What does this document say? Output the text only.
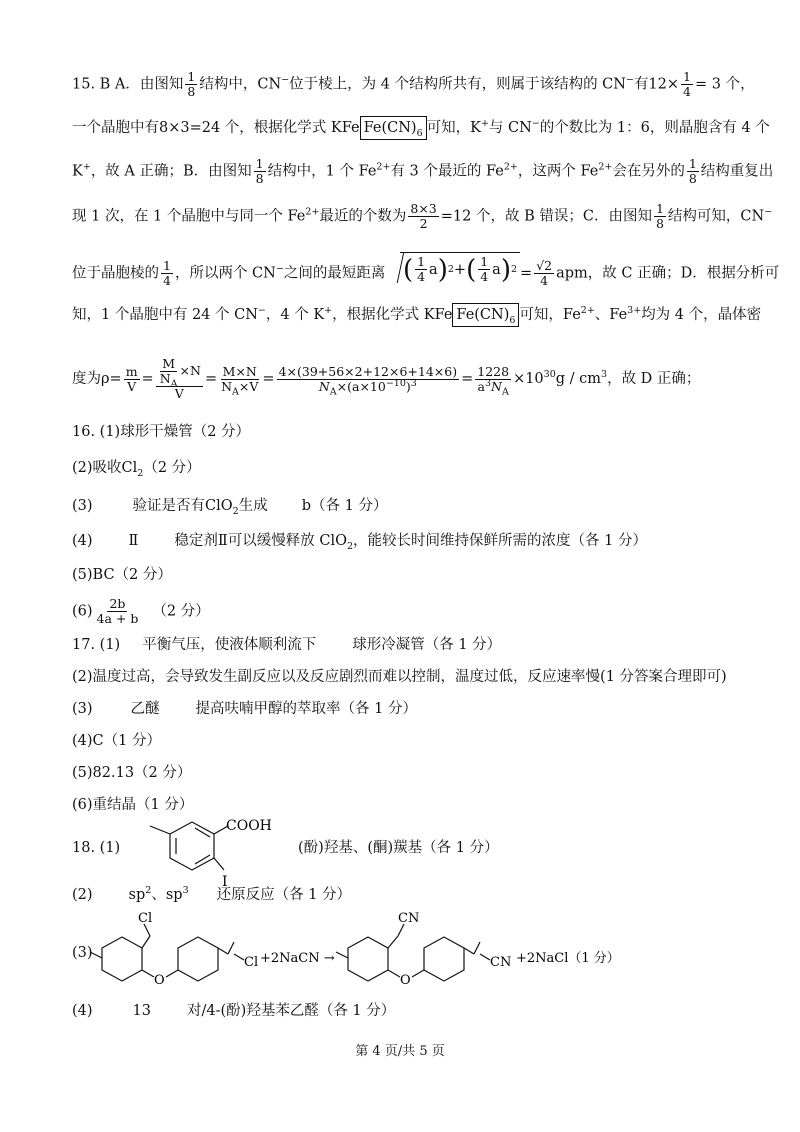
15. B A．由图知 $\frac{1}{8}$ 结构中，CN−位于棱上，为 4 个结构所共有，则属于该结构的 CN−有$12\times \frac{1}{4} = 3$ 个，
一个晶胞中有8×3=24 个，根据化学式 KFe $Fe(CN)_6$ 可知，K+与 CN−的个数比为 1：6，则晶胞含有 4 个
K+，故 A 正确；B．由图知 $\frac{1}{8}$ 结构中，1 个 $Fe^{2+}$有 3 个最近的 $Fe^{2+}$，这两个 $Fe^{2+}$会在另外的 $\frac{1}{8}$ 结构重复出
现 1 次，在 1 个晶胞中与同一个 $Fe^{2+}$最近的个数为 $\frac{8\times 3}{2} =12$ 个，故 B 错误；C．由图知 $\frac{1}{8}$ 结构可知，CN−
位于晶胞棱的 $\frac{1}{4}$ ，所以两个 CN−之间的最短距离 ( $\frac{1}{4}$ a ) 2 + ( $\frac{1}{4}$ a ) $2 = \frac{√2}{4}$ apm，故 C 正确；D．根据分析可
知，1 个晶胞中有 24 个 CN−，4 个 K+，根据化学式 KFe $Fe(CN)_6$ 可知，$Fe^{2+}$、$Fe^{3+}$均为 4 个，晶体密
度为$\rho= \frac{m}{V} = \frac{\frac{M}{N_A} \times N}{V} = \frac{M\times N}{N_A\times V} = \frac{4\times(39+56\times 2+12\times 6+14\times 6)}{N_A\times(a\times 10^{-10})^3} = \frac{1228}{a^3N_A} \times 10^{30}g / cm^3$，故 D 正确；
16. (1)球形干燥管（2 分）
(2)吸收$Cl_2(2$ 分）
(3)	验证是否有ClO$_2$生成 b（各 1 分）
(4) Ⅱ 稳定剂Ⅱ可以缓慢释放 ClO$_2$，能较长时间维持保鲜所需的浓度（各 1 分）
(5)BC（2 分）
$(6) \frac{2b}{4a + b} (2$ 分）
17. (1) 平衡气压，使液体顺利流下 球形冷凝管（各 1 分）
(2)温度过高，会导致发生副反应以及反应剧烈而难以控制，温度过低，反应速率慢(1 分答案合理即可)
(3)	乙醚 提高呋喃甲醇的萃取率（各 1 分）
(4)C（1 分）
(5)82.13（2 分）
(6)重结晶（1 分）
18. (1)
COOH
I
(酚)羟基、(酮)羰基（各 1 分）
(2) $sp^2$、$sp^3$ 还原反应（各 1 分）
(3)
Cl
O
Cl +2NaCN →
CN
O
CN +2NaCl（1 分）
(4)	13 对/4-(酚)羟基苯乙醛（各 1 分）
第 4 页/共 5 页
